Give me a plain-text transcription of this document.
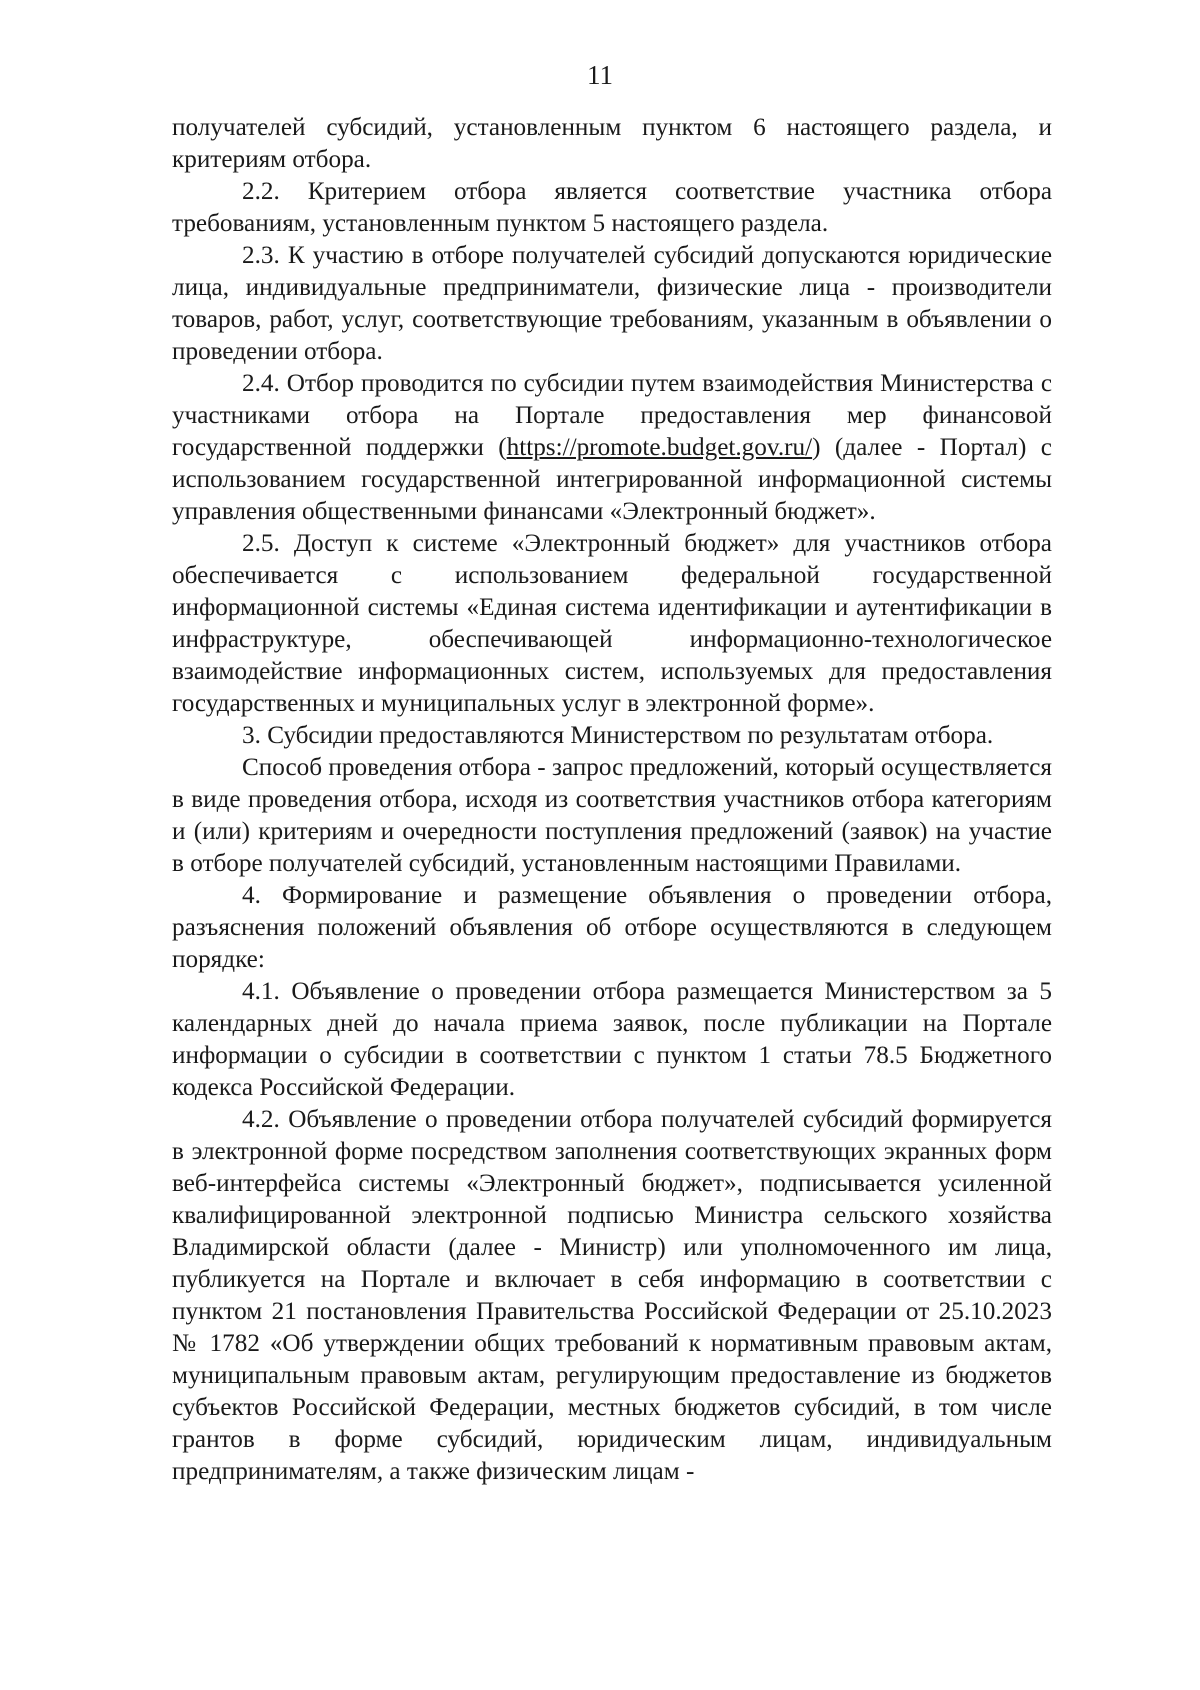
11

получателей субсидий, установленным пунктом 6 настоящего раздела, и критериям отбора.

2.2. Критерием отбора является соответствие участника отбора требованиям, установленным пунктом 5 настоящего раздела.

2.3. К участию в отборе получателей субсидий допускаются юридические лица, индивидуальные предприниматели, физические лица - производители товаров, работ, услуг, соответствующие требованиям, указанным в объявлении о проведении отбора.

2.4. Отбор проводится по субсидии путем взаимодействия Министерства с участниками отбора на Портале предоставления мер финансовой государственной поддержки (https://promote.budget.gov.ru/) (далее - Портал) с использованием государственной интегрированной информационной системы управления общественными финансами «Электронный бюджет».

2.5. Доступ к системе «Электронный бюджет» для участников отбора обеспечивается с использованием федеральной государственной информационной системы «Единая система идентификации и аутентификации в инфраструктуре, обеспечивающей информационно-технологическое взаимодействие информационных систем, используемых для предоставления государственных и муниципальных услуг в электронной форме».

3. Субсидии предоставляются Министерством по результатам отбора.

Способ проведения отбора - запрос предложений, который осуществляется в виде проведения отбора, исходя из соответствия участников отбора категориям и (или) критериям и очередности поступления предложений (заявок) на участие в отборе получателей субсидий, установленным настоящими Правилами.

4. Формирование и размещение объявления о проведении отбора, разъяснения положений объявления об отборе осуществляются в следующем порядке:

4.1. Объявление о проведении отбора размещается Министерством за 5 календарных дней до начала приема заявок, после публикации на Портале информации о субсидии в соответствии с пунктом 1 статьи 78.5 Бюджетного кодекса Российской Федерации.

4.2. Объявление о проведении отбора получателей субсидий формируется в электронной форме посредством заполнения соответствующих экранных форм веб-интерфейса системы «Электронный бюджет», подписывается усиленной квалифицированной электронной подписью Министра сельского хозяйства Владимирской области (далее - Министр) или уполномоченного им лица, публикуется на Портале и включает в себя информацию в соответствии с пунктом 21 постановления Правительства Российской Федерации от 25.10.2023 № 1782 «Об утверждении общих требований к нормативным правовым актам, муниципальным правовым актам, регулирующим предоставление из бюджетов субъектов Российской Федерации, местных бюджетов субсидий, в том числе грантов в форме субсидий, юридическим лицам, индивидуальным предпринимателям, а также физическим лицам -
